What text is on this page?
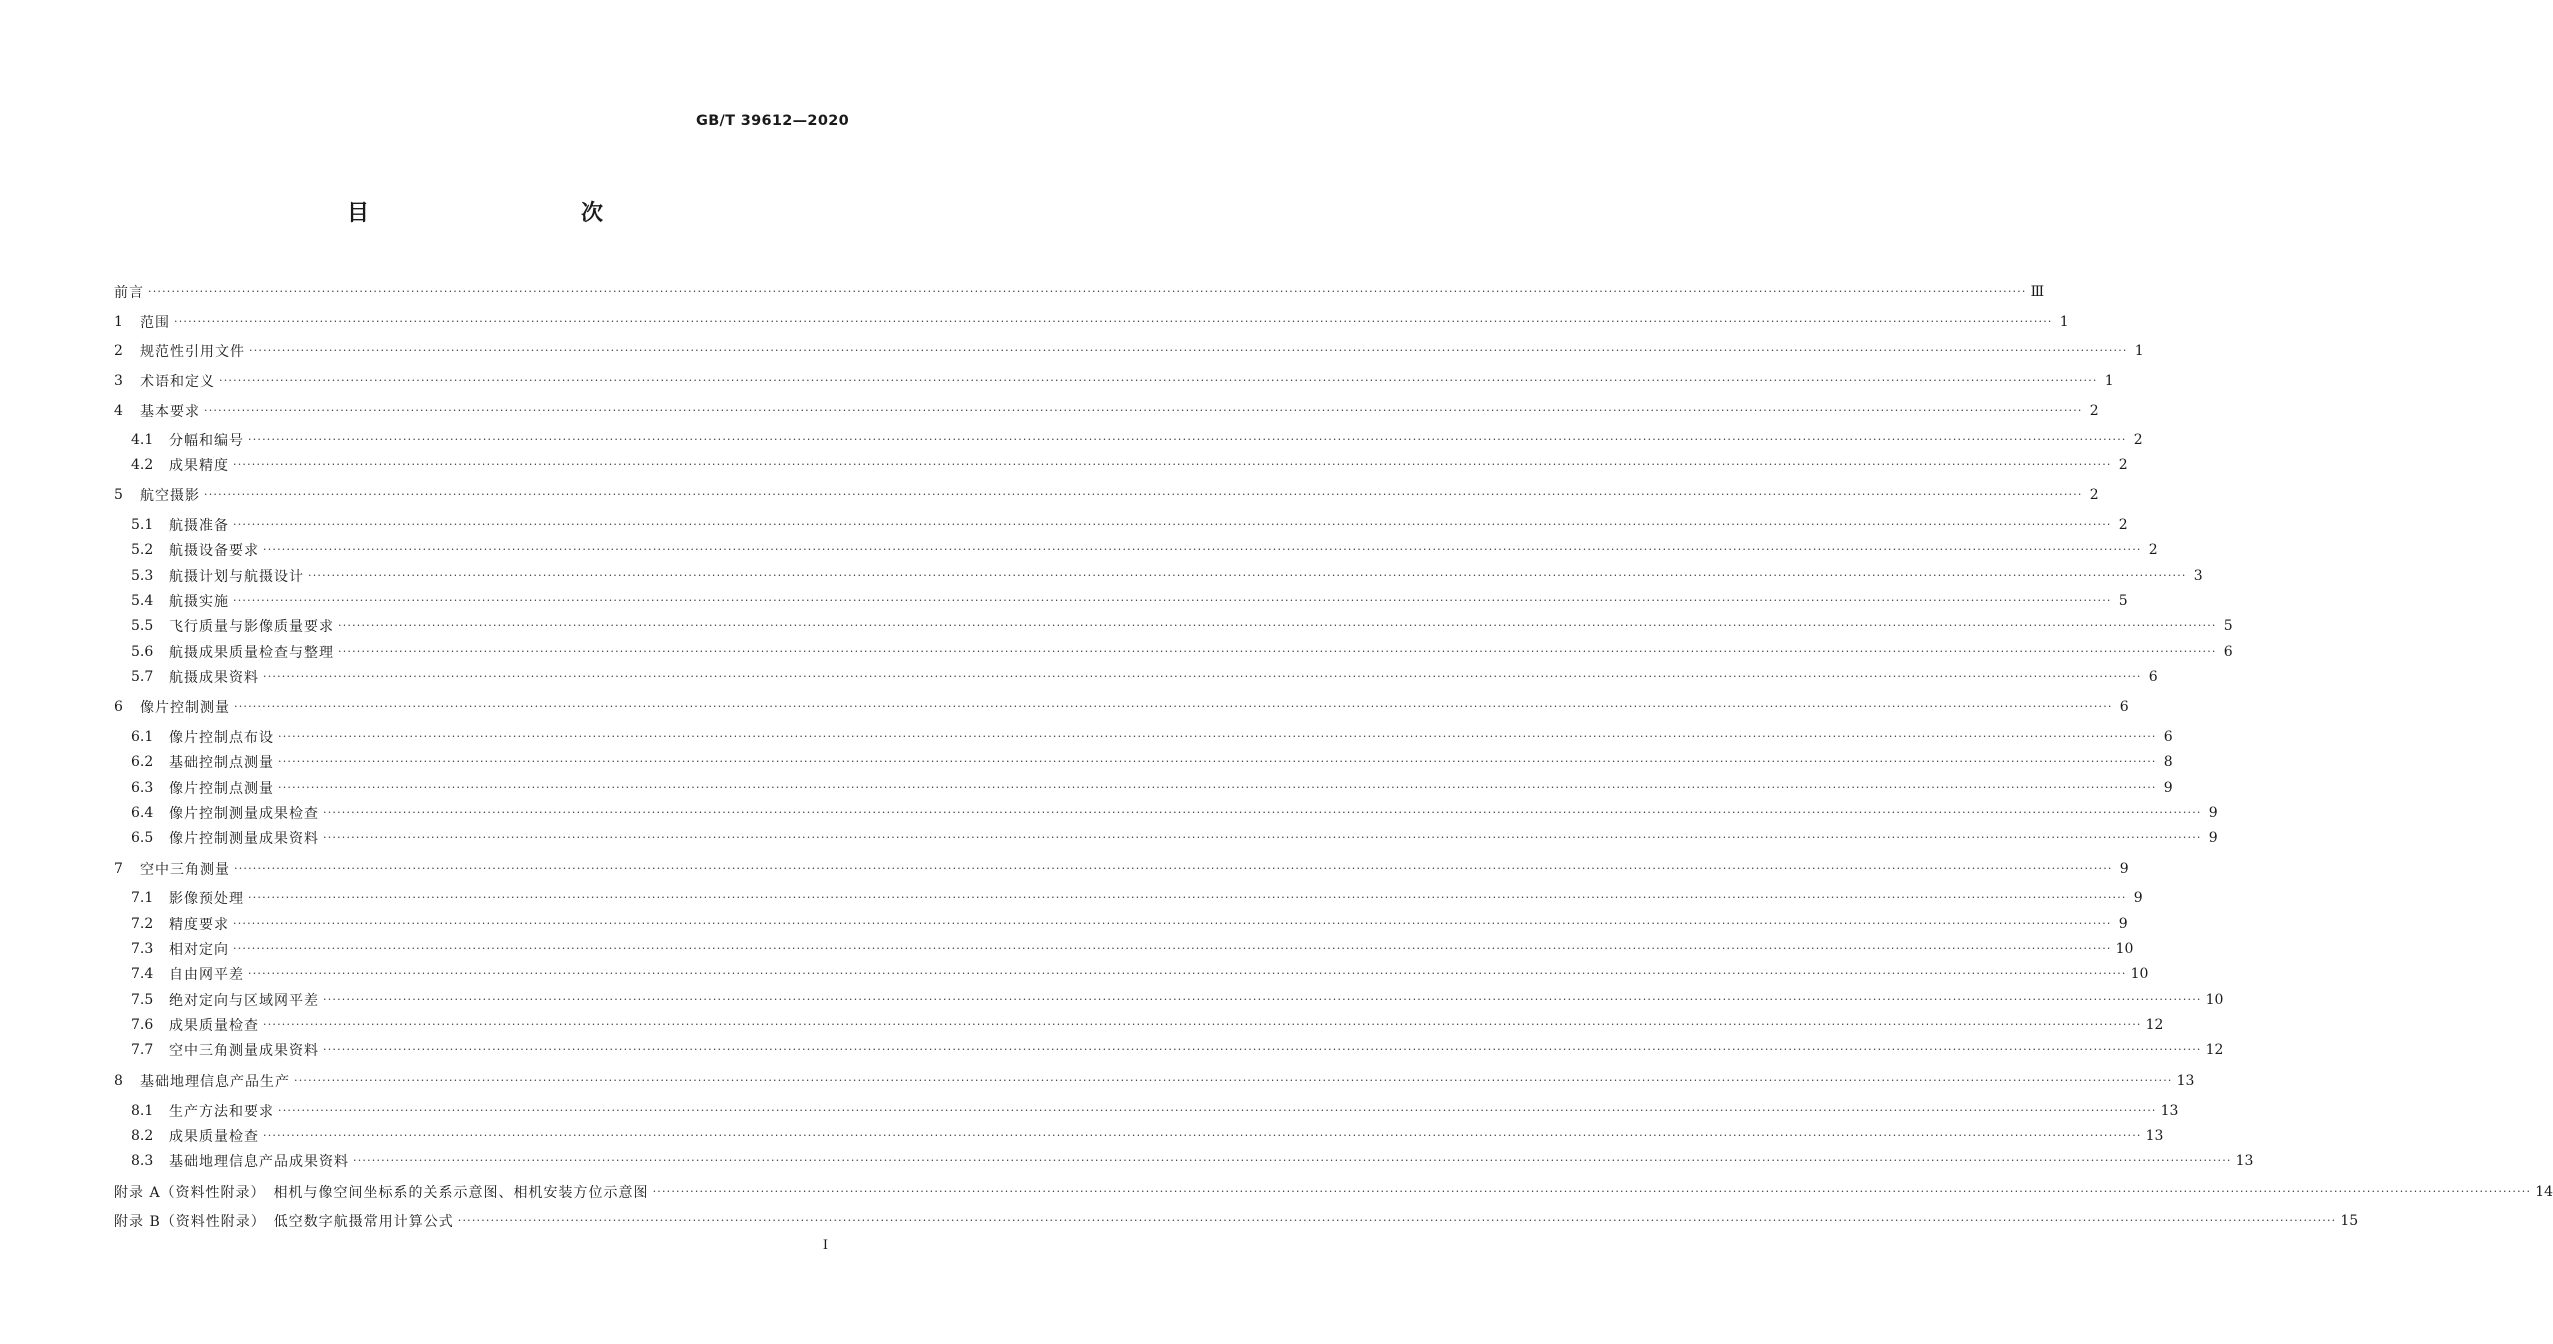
GB/T 39612—2020
目　　次
前言 ················································································································································································································································································································································································································ Ⅲ
1	范围 ················································································································································································································································································································································································································ 1
2	规范性引用文件 ················································································································································································································································································································································································································ 1
3	术语和定义 ················································································································································································································································································································································································································ 1
4	基本要求 ················································································································································································································································································································································································································ 2
4.1	分幅和编号 ················································································································································································································································································································································································································ 2
4.2	成果精度 ················································································································································································································································································································································································································ 2
5	航空摄影 ················································································································································································································································································································································································································ 2
5.1	航摄准备 ················································································································································································································································································································································································································ 2
5.2	航摄设备要求 ················································································································································································································································································································································································································ 2
5.3	航摄计划与航摄设计 ················································································································································································································································································································································································································ 3
5.4	航摄实施 ················································································································································································································································································································································································································ 5
5.5	飞行质量与影像质量要求 ················································································································································································································································································································································································································ 5
5.6	航摄成果质量检查与整理 ················································································································································································································································································································································································································ 6
5.7	航摄成果资料 ················································································································································································································································································································································································································ 6
6	像片控制测量 ················································································································································································································································································································································································································ 6
6.1	像片控制点布设 ················································································································································································································································································································································································································ 6
6.2	基础控制点测量 ················································································································································································································································································································································································································ 8
6.3	像片控制点测量 ················································································································································································································································································································································································································ 9
6.4	像片控制测量成果检查 ················································································································································································································································································································································································································ 9
6.5	像片控制测量成果资料 ················································································································································································································································································································································································································ 9
7	空中三角测量 ················································································································································································································································································································································································································ 9
7.1	影像预处理 ················································································································································································································································································································································································································ 9
7.2	精度要求 ················································································································································································································································································································································································································ 9
7.3	相对定向 ················································································································································································································································································································································································································ 10
7.4	自由网平差 ················································································································································································································································································································································································································ 10
7.5	绝对定向与区域网平差 ················································································································································································································································································································································································································ 10
7.6	成果质量检查 ················································································································································································································································································································································································································ 12
7.7	空中三角测量成果资料 ················································································································································································································································································································································································································ 12
8	基础地理信息产品生产 ················································································································································································································································································································································································································ 13
8.1	生产方法和要求 ················································································································································································································································································································································································································ 13
8.2	成果质量检查 ················································································································································································································································································································································································································ 13
8.3	基础地理信息产品成果资料 ················································································································································································································································································································································································································ 13
附录 A（资料性附录）　相机与像空间坐标系的关系示意图、相机安装方位示意图 ················································································································································································································································································································································································································ 14
附录 B（资料性附录）　低空数字航摄常用计算公式 ················································································································································································································································································································································································································ 15
I
